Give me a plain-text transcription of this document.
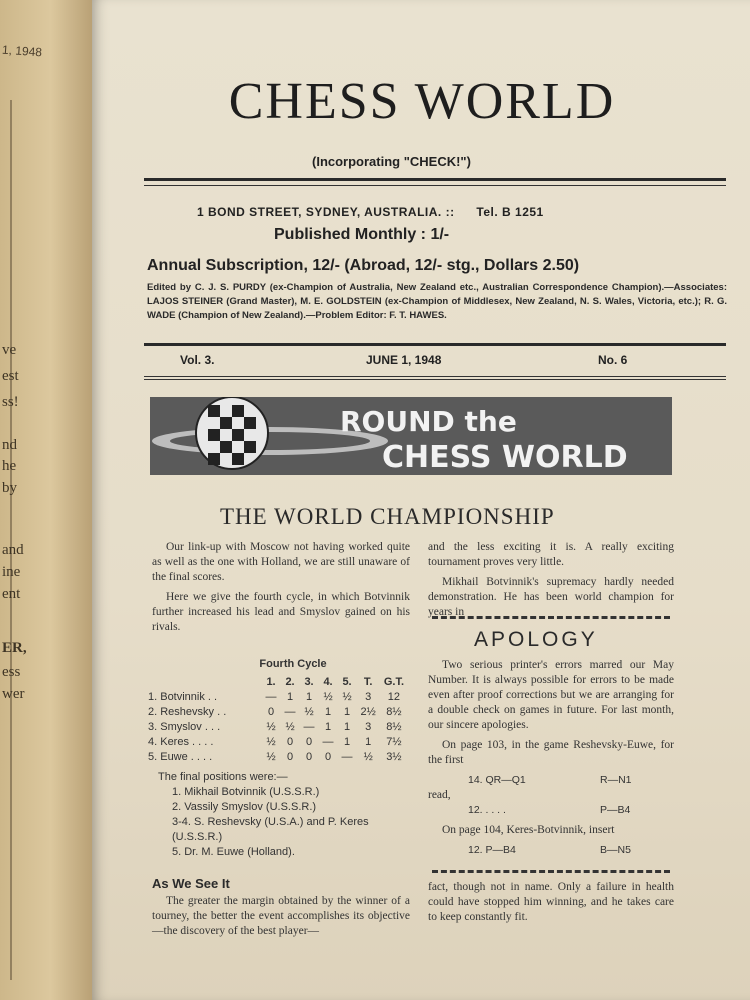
1, 1948
ve
est
ss!
nd
he
by
and
ine
ent
ER,
ess
wer
CHESS WORLD
(Incorporating "CHECK!")
1 BOND STREET, SYDNEY, AUSTRALIA. :: Tel. B 1251
Published Monthly : 1/-
Annual Subscription, 12/- (Abroad, 12/- stg., Dollars 2.50)
Edited by C. J. S. PURDY (ex-Champion of Australia, New Zealand etc., Australian Correspondence Champion).—Associates: LAJOS STEINER (Grand Master), M. E. GOLDSTEIN (ex-Champion of Middlesex, New Zealand, N. S. Wales, Victoria, etc.); R. G. WADE (Champion of New Zealand).—Problem Editor: F. T. HAWES.
Vol. 3.	JUNE 1, 1948	No. 6
ROUND the
CHESS WORLD
THE WORLD CHAMPIONSHIP

Our link-up with Moscow not having worked quite as well as the one with Holland, we are still unaware of the final scores.

Here we give the fourth cycle, in which Botvinnik further increased his lead and Smyslov gained on his rivals.

Fourth Cycle
	1.	2.	3.	4.	5.	T.	G.T.
1. Botvinnik . .	—	1	1	½	½	3	12
2. Reshevsky . .	0	—	½	1	1	2½	8½
3. Smyslov . . .	½	½	—	1	1	3	8½
4. Keres . . . .	½	0	0	—	1	1	7½
5. Euwe . . . .	½	0	0	0	—	½	3½
The final positions were:—
1. Mikhail Botvinnik (U.S.S.R.)
2. Vassily Smyslov (U.S.S.R.)
3-4. S. Reshevsky (U.S.A.) and P. Keres (U.S.S.R.)
5. Dr. M. Euwe (Holland).
As We See It

The greater the margin obtained by the winner of a tourney, the better the event accomplishes its objective —the discovery of the best player—

and the less exciting it is. A really exciting tournament proves very little.

Mikhail Botvinnik's supremacy hardly needed demonstration. He has been world champion for years in

APOLOGY

Two serious printer's errors marred our May Number. It is always possible for errors to be made even after proof corrections but we are arranging for a double check on games in future. For last month, our sincere apologies.

On page 103, in the game Reshevsky-Euwe, for the first

14. QR—Q1	R—N1
read,
12. . . . .	P—B4

On page 104, Keres-Botvinnik, insert

12. P—B4	B—N5

fact, though not in name. Only a failure in health could have stopped him winning, and he takes care to keep constantly fit.
